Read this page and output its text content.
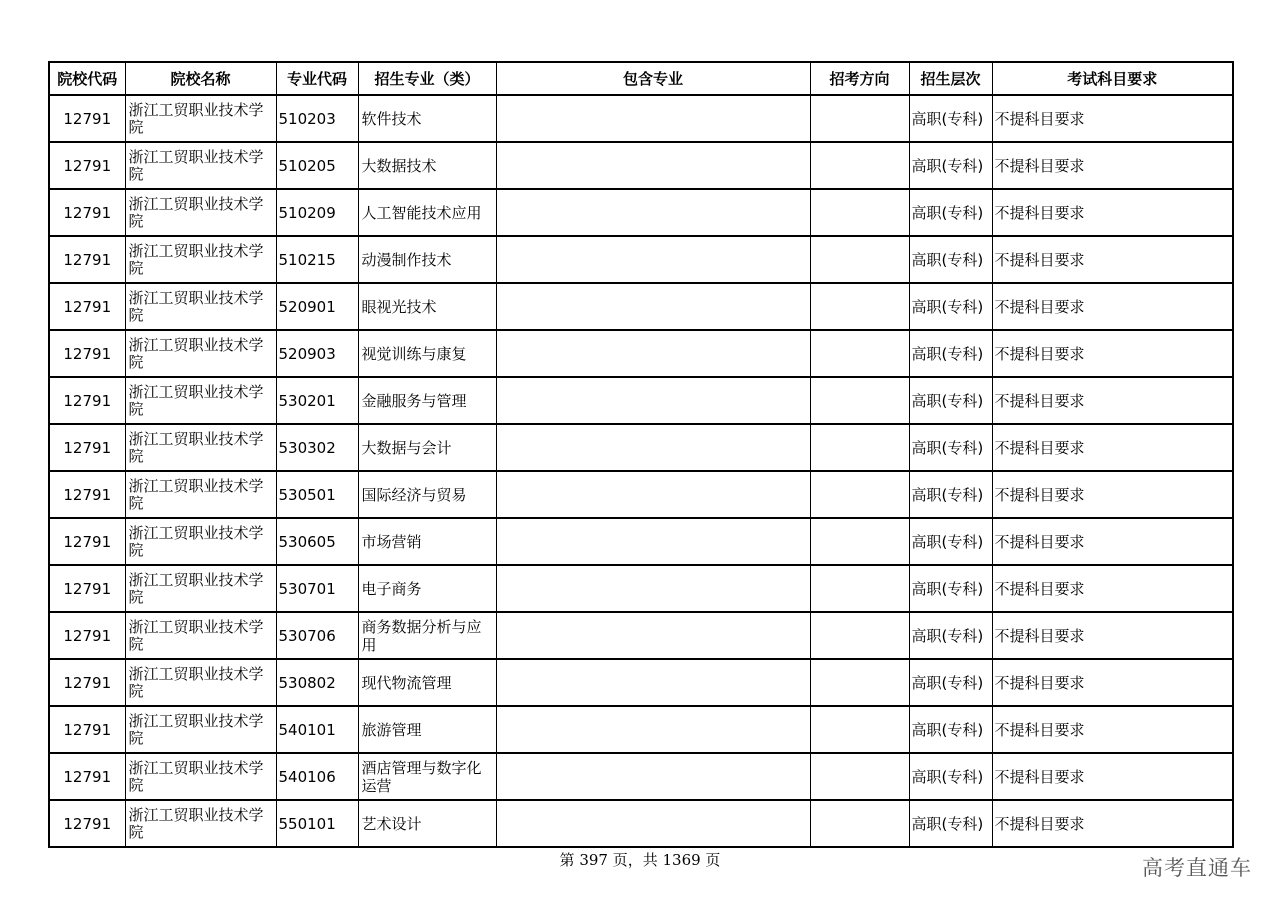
院校代码	院校名称	专业代码	招生专业（类）	包含专业	招考方向	招生层次	考试科目要求
12791	浙江工贸职业技术学院	510203	软件技术			高职(专科)	不提科目要求
12791	浙江工贸职业技术学院	510205	大数据技术			高职(专科)	不提科目要求
12791	浙江工贸职业技术学院	510209	人工智能技术应用			高职(专科)	不提科目要求
12791	浙江工贸职业技术学院	510215	动漫制作技术			高职(专科)	不提科目要求
12791	浙江工贸职业技术学院	520901	眼视光技术			高职(专科)	不提科目要求
12791	浙江工贸职业技术学院	520903	视觉训练与康复			高职(专科)	不提科目要求
12791	浙江工贸职业技术学院	530201	金融服务与管理			高职(专科)	不提科目要求
12791	浙江工贸职业技术学院	530302	大数据与会计			高职(专科)	不提科目要求
12791	浙江工贸职业技术学院	530501	国际经济与贸易			高职(专科)	不提科目要求
12791	浙江工贸职业技术学院	530605	市场营销			高职(专科)	不提科目要求
12791	浙江工贸职业技术学院	530701	电子商务			高职(专科)	不提科目要求
12791	浙江工贸职业技术学院	530706	商务数据分析与应用			高职(专科)	不提科目要求
12791	浙江工贸职业技术学院	530802	现代物流管理			高职(专科)	不提科目要求
12791	浙江工贸职业技术学院	540101	旅游管理			高职(专科)	不提科目要求
12791	浙江工贸职业技术学院	540106	酒店管理与数字化运营			高职(专科)	不提科目要求
12791	浙江工贸职业技术学院	550101	艺术设计			高职(专科)	不提科目要求
第 397 页，共 1369 页	高考直通车
